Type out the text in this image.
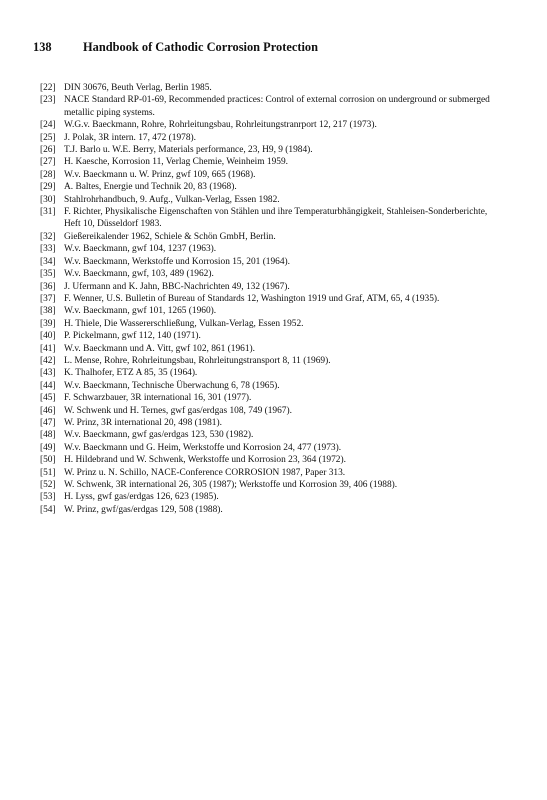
138	Handbook of Cathodic Corrosion Protection
[22] DIN 30676, Beuth Verlag, Berlin 1985.
[23] NACE Standard RP-01-69, Recommended practices: Control of external corrosion on underground or submerged metallic piping systems.
[24] W.G.v. Baeckmann, Rohre, Rohrleitungsbau, Rohrleitungstranrport 12, 217 (1973).
[25] J. Polak, 3R intern. 17, 472 (1978).
[26] T.J. Barlo u. W.E. Berry, Materials performance, 23, H9, 9 (1984).
[27] H. Kaesche, Korrosion 11, Verlag Chemie, Weinheim 1959.
[28] W.v. Baeckmann u. W. Prinz, gwf 109, 665 (1968).
[29] A. Baltes, Energie und Technik 20, 83 (1968).
[30] Stahlrohrhandbuch, 9. Aufg., Vulkan-Verlag, Essen 1982.
[31] F. Richter, Physikalische Eigenschaften von Stählen und ihre Temperaturbhängigkeit, Stahleisen-Sonderberichte, Heft 10, Düsseldorf 1983.
[32] Gießereikalender 1962, Schiele & Schön GmbH, Berlin.
[33] W.v. Baeckmann, gwf 104, 1237 (1963).
[34] W.v. Baeckmann, Werkstoffe und Korrosion 15, 201 (1964).
[35] W.v. Baeckmann, gwf, 103, 489 (1962).
[36] J. Ufermann and K. Jahn, BBC-Nachrichten 49, 132 (1967).
[37] F. Wenner, U.S. Bulletin of Bureau of Standards 12, Washington 1919 und Graf, ATM, 65, 4 (1935).
[38] W.v. Baeckmann, gwf 101, 1265 (1960).
[39] H. Thiele, Die Wassererschließung, Vulkan-Verlag, Essen 1952.
[40] P. Pickelmann, gwf 112, 140 (1971).
[41] W.v. Baeckmann und A. Vitt, gwf 102, 861 (1961).
[42] L. Mense, Rohre, Rohrleitungsbau, Rohrleitungstransport 8, 11 (1969).
[43] K. Thalhofer, ETZ A 85, 35 (1964).
[44] W.v. Baeckmann, Technische Überwachung 6, 78 (1965).
[45] F. Schwarzbauer, 3R international 16, 301 (1977).
[46] W. Schwenk und H. Ternes, gwf gas/erdgas 108, 749 (1967).
[47] W. Prinz, 3R international 20, 498 (1981).
[48] W.v. Baeckmann, gwf gas/erdgas 123, 530 (1982).
[49] W.v. Baeckmann und G. Heim, Werkstoffe und Korrosion 24, 477 (1973).
[50] H. Hildebrand und W. Schwenk, Werkstoffe und Korrosion 23, 364 (1972).
[51] W. Prinz u. N. Schillo, NACE-Conference CORROSION 1987, Paper 313.
[52] W. Schwenk, 3R international 26, 305 (1987); Werkstoffe und Korrosion 39, 406 (1988).
[53] H. Lyss, gwf gas/erdgas 126, 623 (1985).
[54] W. Prinz, gwf/gas/erdgas 129, 508 (1988).
